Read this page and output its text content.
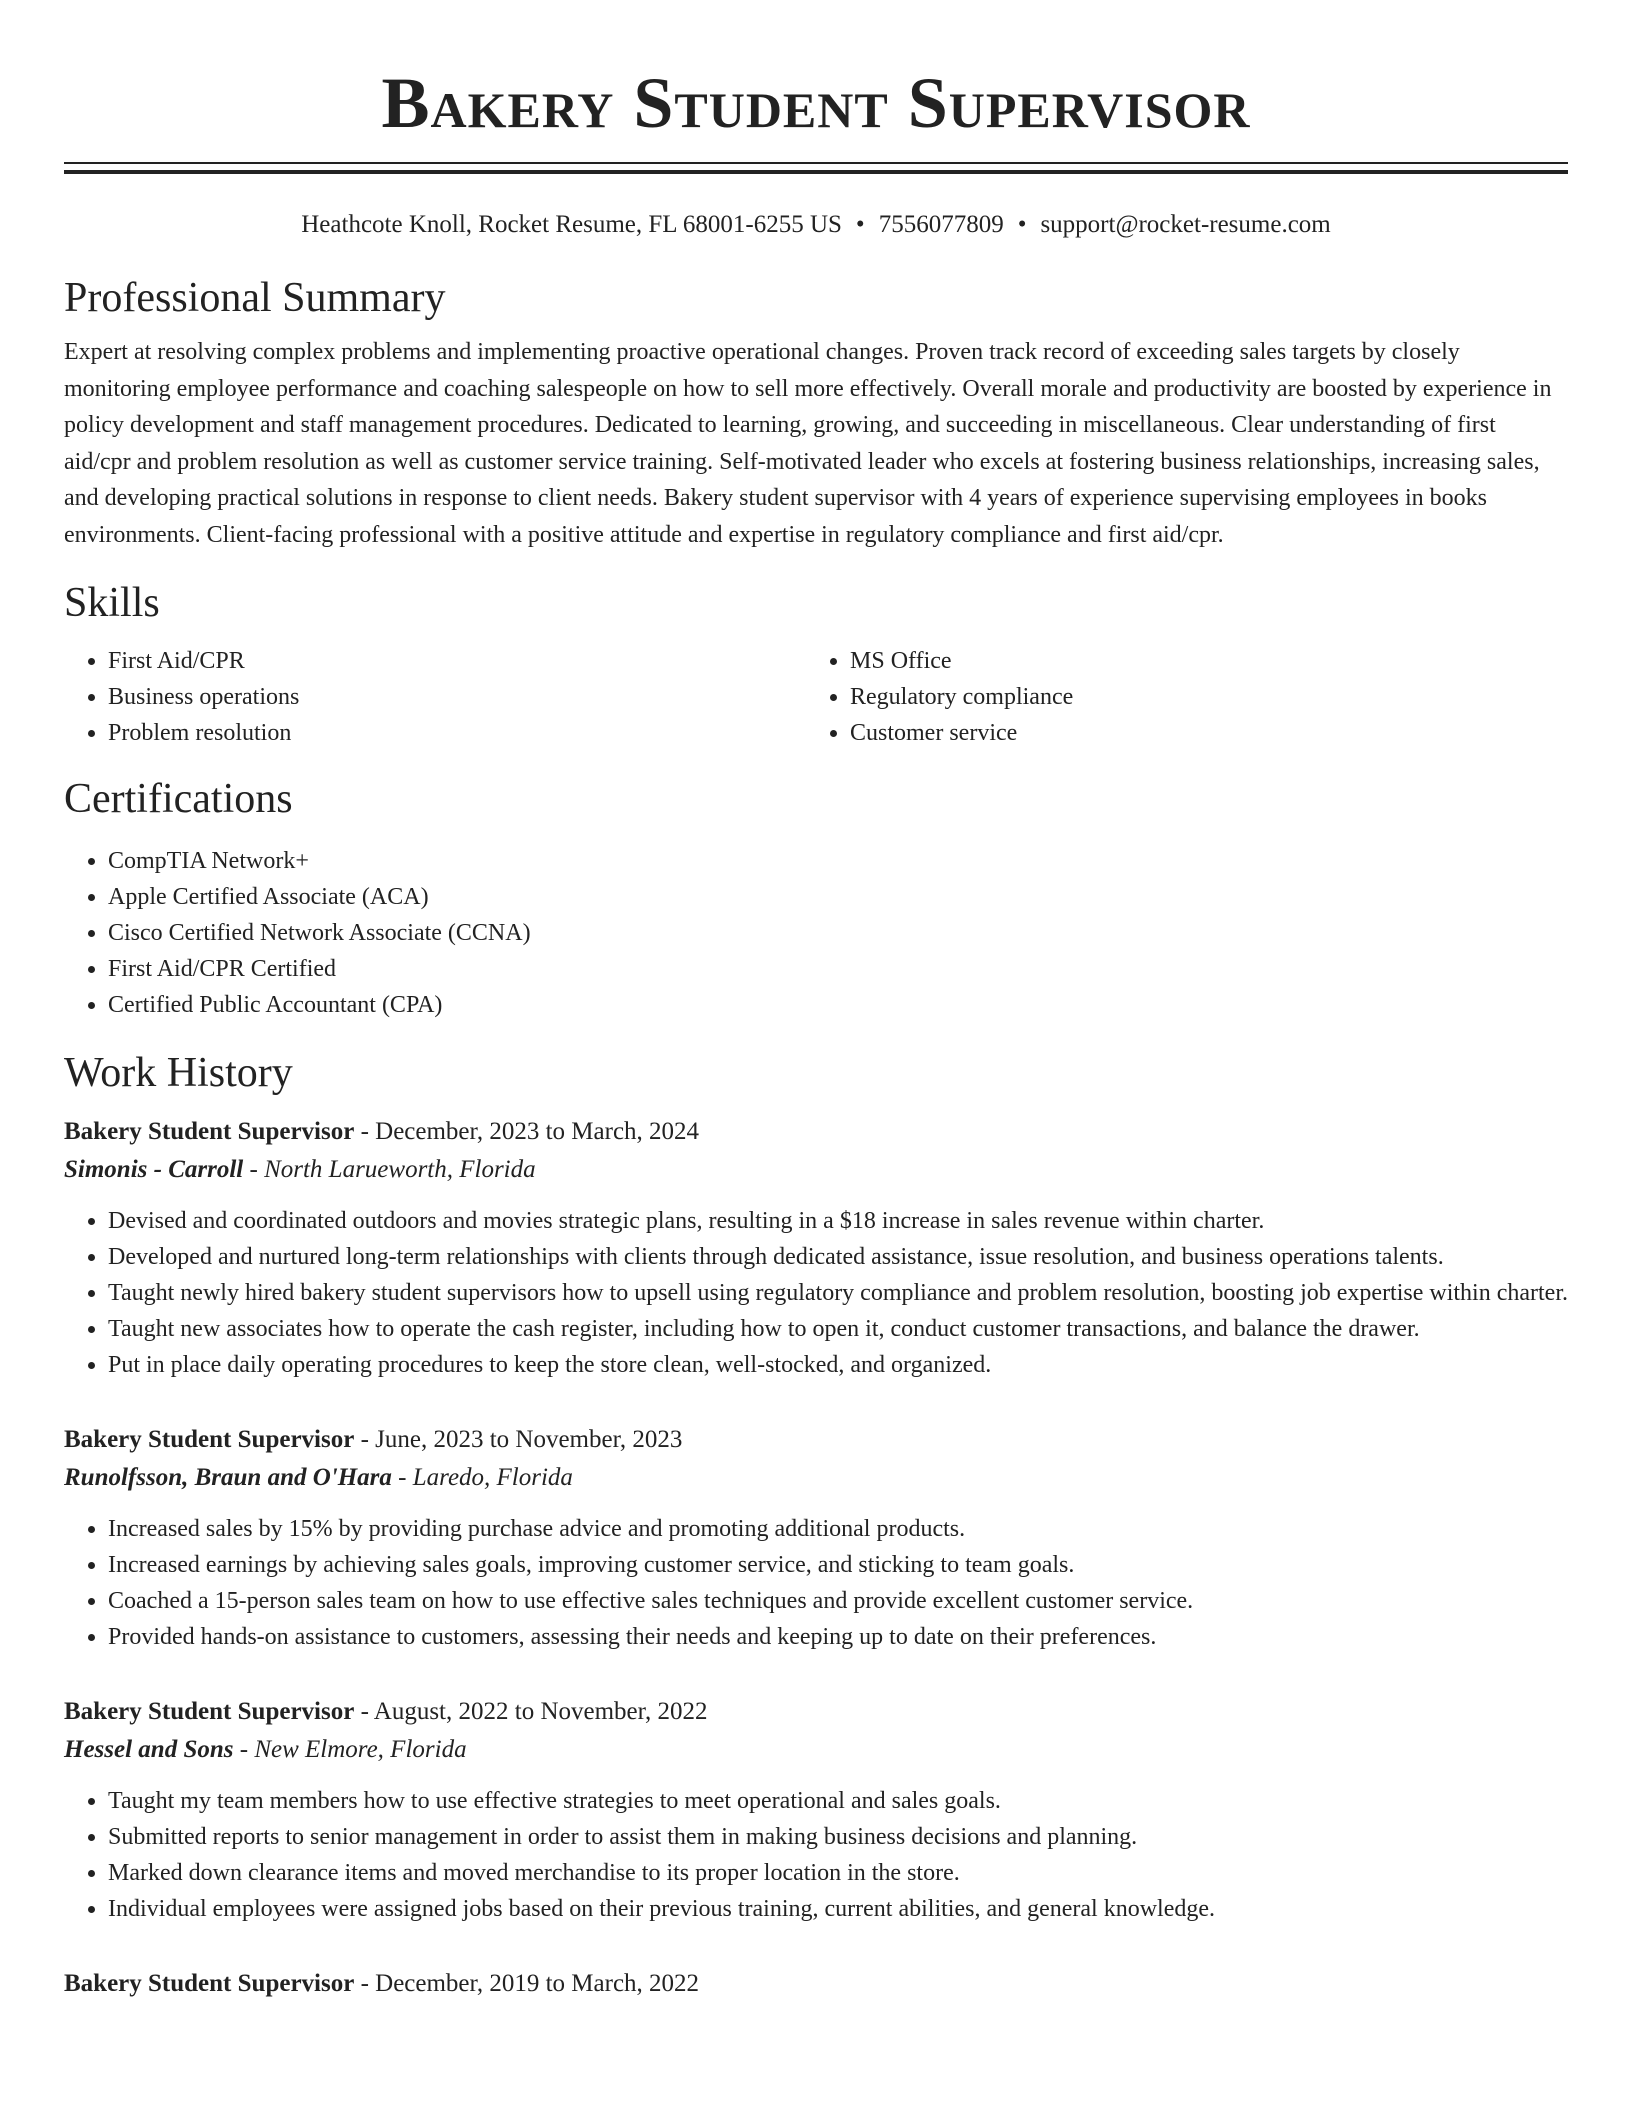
Bakery Student Supervisor
Heathcote Knoll, Rocket Resume, FL 68001-6255 US • 7556077809 • support@rocket-resume.com
Professional Summary

Expert at resolving complex problems and implementing proactive operational changes. Proven track record of exceeding sales targets by closely monitoring employee performance and coaching salespeople on how to sell more effectively. Overall morale and productivity are boosted by experience in policy development and staff management procedures. Dedicated to learning, growing, and succeeding in miscellaneous. Clear understanding of first aid/cpr and problem resolution as well as customer service training. Self-motivated leader who excels at fostering business relationships, increasing sales, and developing practical solutions in response to client needs. Bakery student supervisor with 4 years of experience supervising employees in books environments. Client-facing professional with a positive attitude and expertise in regulatory compliance and first aid/cpr.

Skills
• First Aid/CPR
• Business operations
• Problem resolution
• MS Office
• Regulatory compliance
• Customer service
Certifications
• CompTIA Network+
• Apple Certified Associate (ACA)
• Cisco Certified Network Associate (CCNA)
• First Aid/CPR Certified
• Certified Public Accountant (CPA)
Work History
Bakery Student Supervisor - December, 2023 to March, 2024
Simonis - Carroll - North Larueworth, Florida
• Devised and coordinated outdoors and movies strategic plans, resulting in a $18 increase in sales revenue within charter.
• Developed and nurtured long-term relationships with clients through dedicated assistance, issue resolution, and business operations talents.
• Taught newly hired bakery student supervisors how to upsell using regulatory compliance and problem resolution, boosting job expertise within charter.
• Taught new associates how to operate the cash register, including how to open it, conduct customer transactions, and balance the drawer.
• Put in place daily operating procedures to keep the store clean, well-stocked, and organized.
Bakery Student Supervisor - June, 2023 to November, 2023
Runolfsson, Braun and O'Hara - Laredo, Florida
• Increased sales by 15% by providing purchase advice and promoting additional products.
• Increased earnings by achieving sales goals, improving customer service, and sticking to team goals.
• Coached a 15-person sales team on how to use effective sales techniques and provide excellent customer service.
• Provided hands-on assistance to customers, assessing their needs and keeping up to date on their preferences.
Bakery Student Supervisor - August, 2022 to November, 2022
Hessel and Sons - New Elmore, Florida
• Taught my team members how to use effective strategies to meet operational and sales goals.
• Submitted reports to senior management in order to assist them in making business decisions and planning.
• Marked down clearance items and moved merchandise to its proper location in the store.
• Individual employees were assigned jobs based on their previous training, current abilities, and general knowledge.
Bakery Student Supervisor - December, 2019 to March, 2022
